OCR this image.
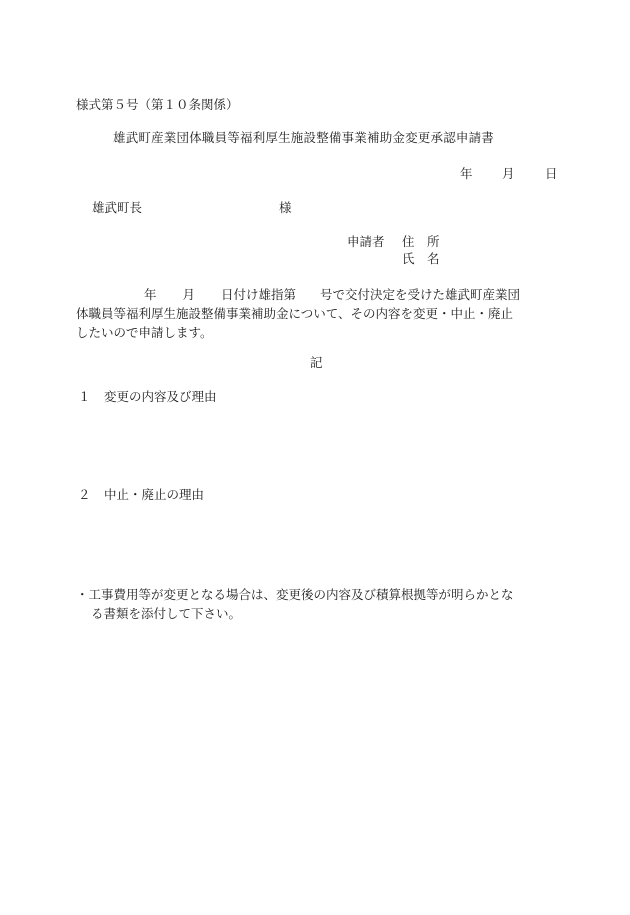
様式第５号（第１０条関係）
雄武町産業団体職員等福利厚生施設整備事業補助金変更承認申請書
年 月 日
雄武町長	様
申請者 住　所
氏　名
年 月 日付け雄指第 号で交付決定を受けた雄武町産業団
体職員等福利厚生施設整備事業補助金について、その内容を変更・中止・廃止
したいので申請します。
記
１ 変更の内容及び理由
２ 中止・廃止の理由
・工事費用等が変更となる場合は、変更後の内容及び積算根拠等が明らかとな
る書類を添付して下さい。
